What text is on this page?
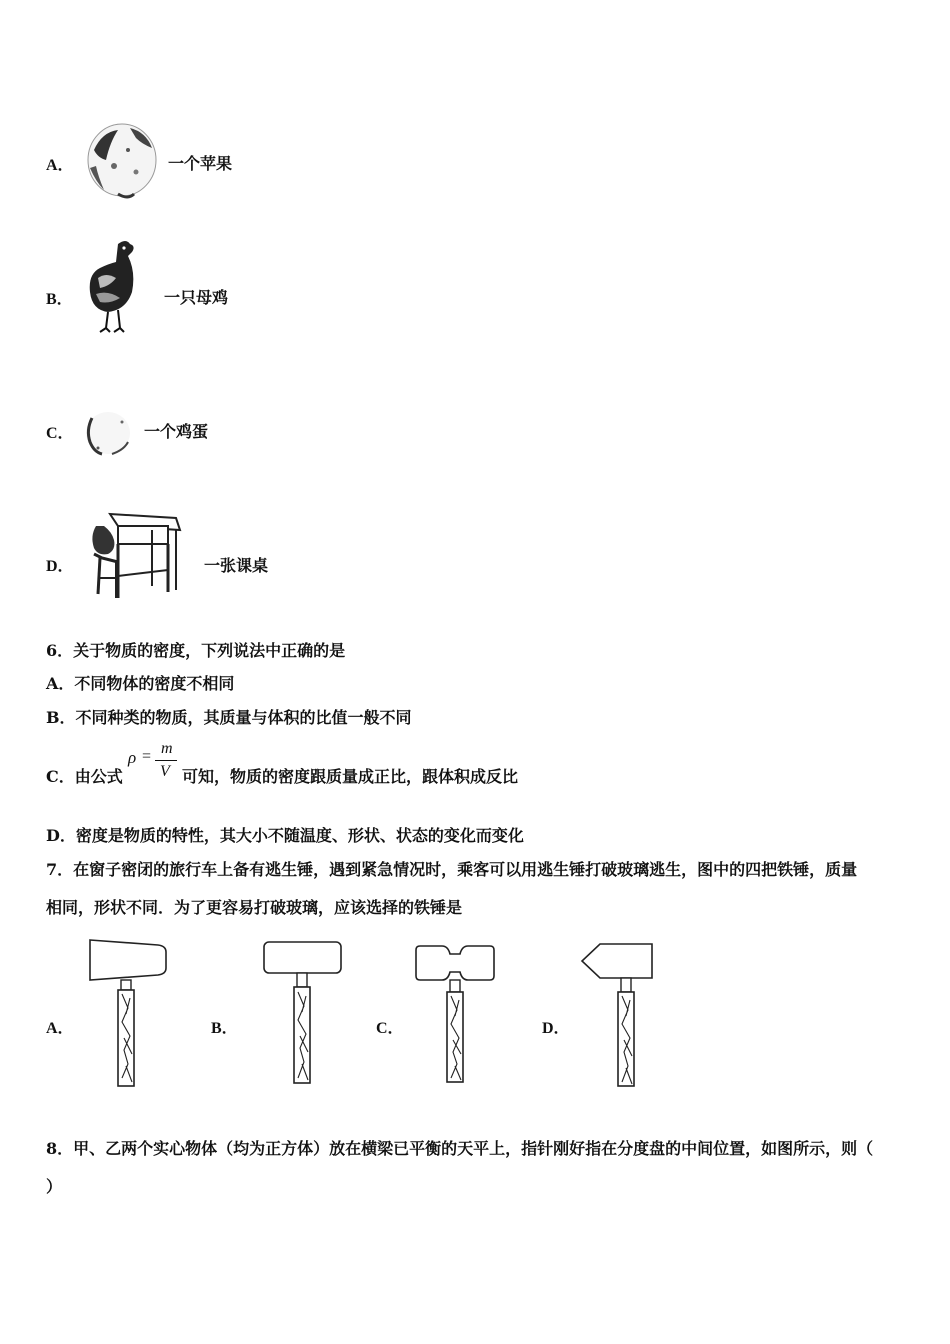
A．	一个苹果
B．	一只母鸡
C．	一个鸡蛋
D．	一张课桌
6．关于物质的密度，下列说法中正确的是
A．不同物体的密度不相同
B．不同种类的物质，其质量与体积的比值一般不同
C．由公式
ρ = m
V 可知，物质的密度跟质量成正比，跟体积成反比
D．密度是物质的特性，其大小不随温度、形状、状态的变化而变化
7．在窗子密闭的旅行车上备有逃生锤，遇到紧急情况时，乘客可以用逃生锤打破玻璃逃生，图中的四把铁锤，质量
相同，形状不同．为了更容易打破玻璃，应该选择的铁锤是
A．	B．	C．	D．
8．甲、乙两个实心物体（均为正方体）放在横梁已平衡的天平上，指针刚好指在分度盘的中间位置，如图所示，则（
）
